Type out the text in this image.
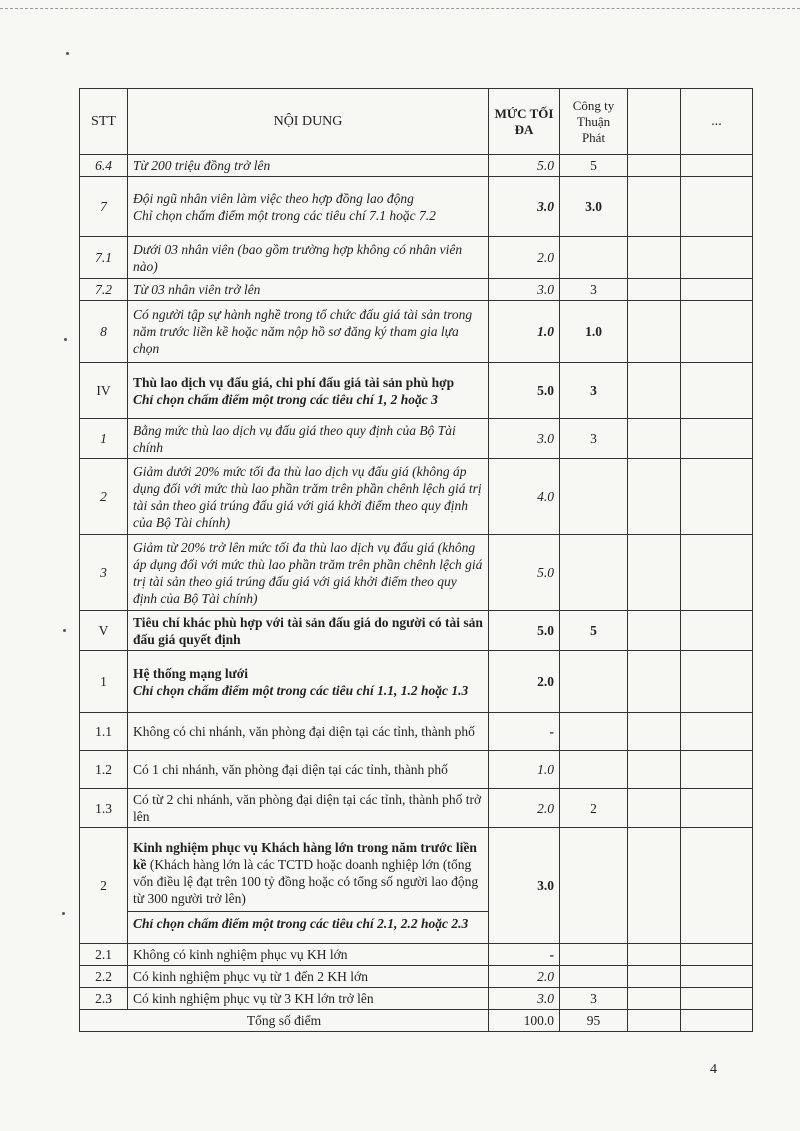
STT	NỘI DUNG	MỨC TỐI ĐA	Công ty Thuận Phát		...
6.4	Từ 200 triệu đồng trở lên	5.0	5		
7	Đội ngũ nhân viên làm việc theo hợp đồng lao động
Chỉ chọn chấm điểm một trong các tiêu chí 7.1 hoặc 7.2	3.0	3.0		
7.1	Dưới 03 nhân viên (bao gồm trường hợp không có nhân viên nào)	2.0			
7.2	Từ 03 nhân viên trở lên	3.0	3		
8	Có người tập sự hành nghề trong tổ chức đấu giá tài sản trong năm trước liền kề hoặc năm nộp hồ sơ đăng ký tham gia lựa chọn	1.0	1.0		
IV	Thù lao dịch vụ đấu giá, chi phí đấu giá tài sản phù hợp
Chỉ chọn chấm điểm một trong các tiêu chí 1, 2 hoặc 3	5.0	3		
1	Bằng mức thù lao dịch vụ đấu giá theo quy định của Bộ Tài chính	3.0	3		
2	Giảm dưới 20% mức tối đa thù lao dịch vụ đấu giá (không áp dụng đối với mức thù lao phần trăm trên phần chênh lệch giá trị tài sản theo giá trúng đấu giá với giá khởi điểm theo quy định của Bộ Tài chính)	4.0			
3	Giảm từ 20% trở lên mức tối đa thù lao dịch vụ đấu giá (không áp dụng đối với mức thù lao phần trăm trên phần chênh lệch giá trị tài sản theo giá trúng đấu giá với giá khởi điểm theo quy định của Bộ Tài chính)	5.0			
V	Tiêu chí khác phù hợp với tài sản đấu giá do người có tài sản đấu giá quyết định	5.0	5		
1	Hệ thống mạng lưới
Chỉ chọn chấm điểm một trong các tiêu chí 1.1, 1.2 hoặc 1.3	2.0			
1.1	Không có chi nhánh, văn phòng đại diện tại các tỉnh, thành phố	-			
1.2	Có 1 chi nhánh, văn phòng đại diện tại các tỉnh, thành phố	1.0			
1.3	Có từ 2 chi nhánh, văn phòng đại diện tại các tỉnh, thành phố trở lên	2.0	2		
2	Kinh nghiệm phục vụ Khách hàng lớn trong năm trước liền kề (Khách hàng lớn là các TCTD hoặc doanh nghiệp lớn (tổng vốn điều lệ đạt trên 100 tỷ đồng hoặc có tổng số người lao động từ 300 người trở lên)
Chỉ chọn chấm điểm một trong các tiêu chí 2.1, 2.2 hoặc 2.3	3.0			
2.1	Không có kinh nghiệm phục vụ KH lớn	-			
2.2	Có kinh nghiệm phục vụ từ 1 đến 2 KH lớn	2.0			
2.3	Có kinh nghiệm phục vụ từ 3 KH lớn trở lên	3.0	3		
Tổng số điểm		100.0	95		
4
